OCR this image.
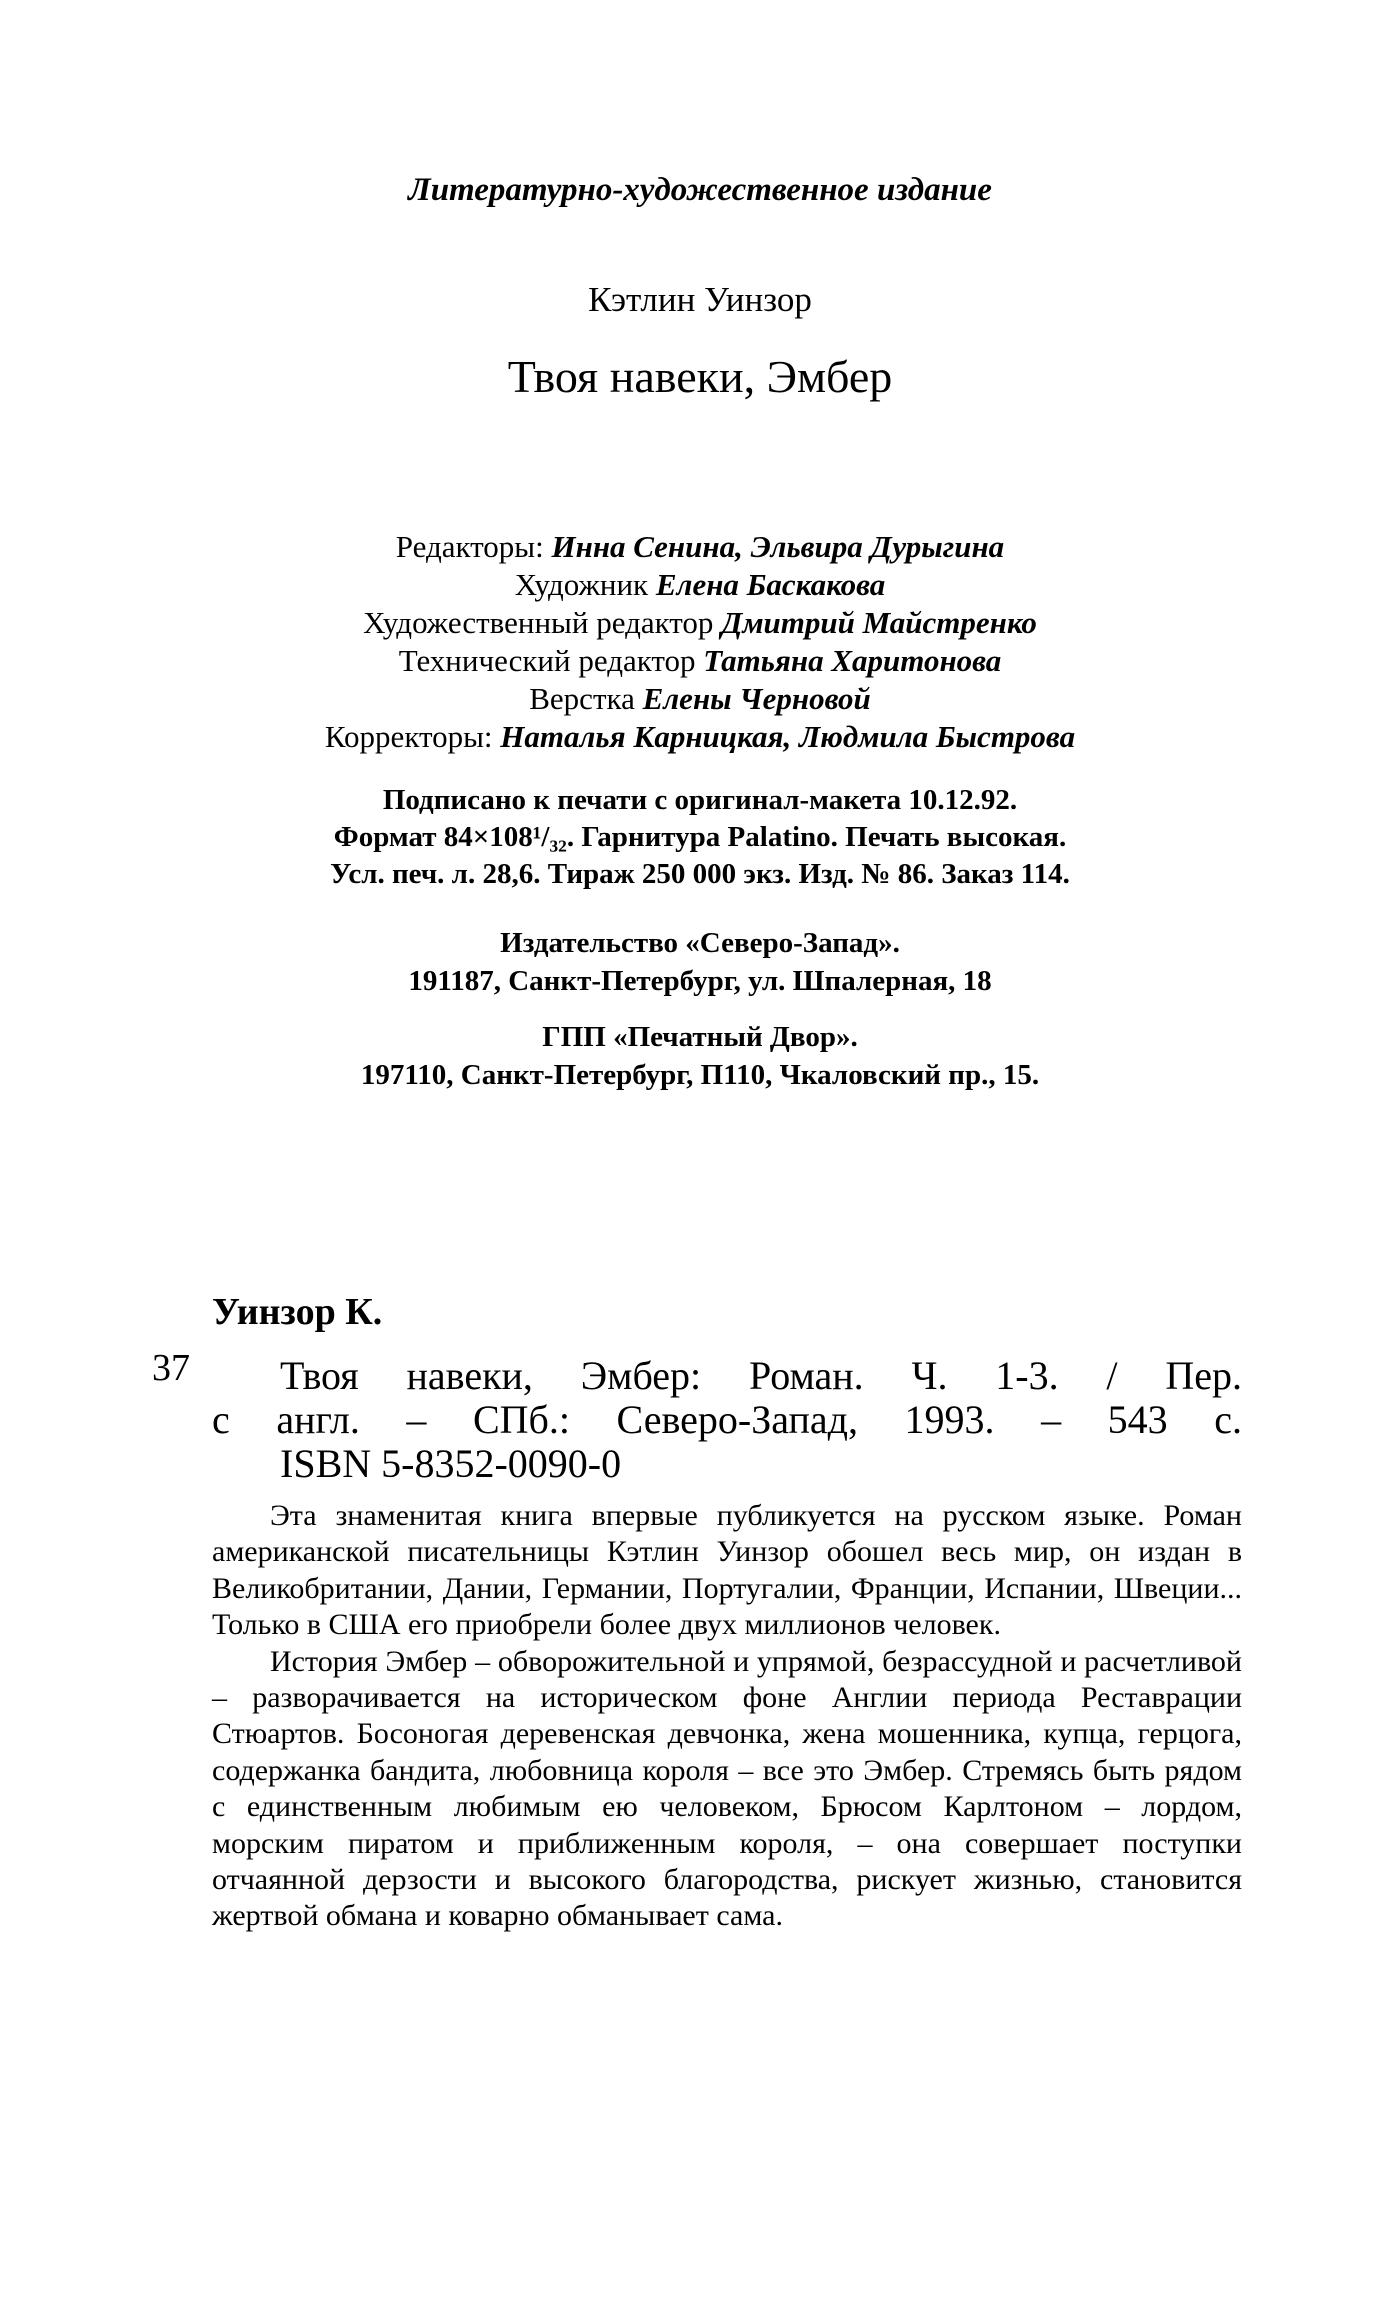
Литературно-художественное издание
Кэтлин Уинзор
Твоя навеки, Эмбер
Редакторы: Инна Сенина, Эльвира Дурыгина
Художник Елена Баскакова
Художественный редактор Дмитрий Майстренко
Технический редактор Татьяна Харитонова
Верстка Елены Черновой
Корректоры: Наталья Карницкая, Людмила Быстрова
Подписано к печати с оригинал-макета 10.12.92.
Формат 84×108¹/₃₂. Гарнитура Palatino. Печать высокая.
Усл. печ. л. 28,6. Тираж 250 000 экз. Изд. № 86. Заказ 114.
Издательство «Северо-Запад».
191187, Санкт-Петербург, ул. Шпалерная, 18
ГПП «Печатный Двор».
197110, Санкт-Петербург, П110, Чкаловский пр., 15.
Уинзор К.
37	Твоя навеки, Эмбер: Роман. Ч. 1-3. / Пер.
с англ. – СПб.: Северо-Запад, 1993. – 543 с.
ISBN 5-8352-0090-0

Эта знаменитая книга впервые публикуется на русском языке. Роман американской писательницы Кэтлин Уинзор обошел весь мир, он издан в Великобритании, Дании, Германии, Португалии, Франции, Испании, Швеции... Только в США его приобрели более двух миллионов человек.

История Эмбер – обворожительной и упрямой, безрассудной и расчетливой – разворачивается на историческом фоне Англии периода Реставрации Стюартов. Босоногая деревенская девчонка, жена мошенника, купца, герцога, содержанка бандита, любовница короля – все это Эмбер. Стремясь быть рядом с единственным любимым ею человеком, Брюсом Карлтоном – лордом, морским пиратом и приближенным короля, – она совершает поступки отчаянной дерзости и высокого благородства, рискует жизнью, становится жертвой обмана и коварно обманывает сама.
